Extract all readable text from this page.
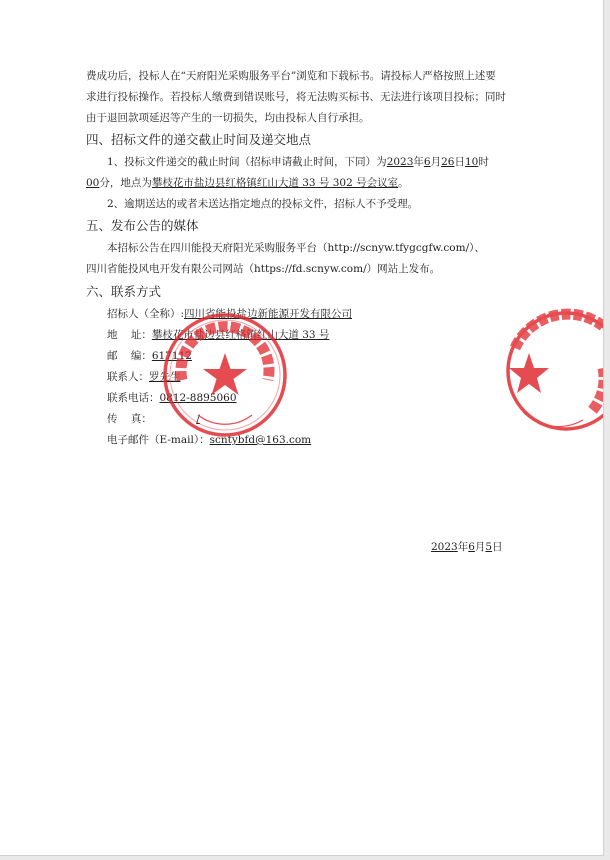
费成功后，投标人在“天府阳光采购服务平台”浏览和下载标书。请投标人严格按照上述要
求进行投标操作。若投标人缴费到错误账号，将无法购买标书、无法进行该项目投标；同时
由于退回款项延迟等产生的一切损失，均由投标人自行承担。
四、招标文件的递交截止时间及递交地点
1、投标文件递交的截止时间（招标申请截止时间，下同）为2023年6月26日10时
00分，地点为攀枝花市盐边县红格镇红山大道 33 号 302 号会议室。
2、逾期送达的或者未送达指定地点的投标文件，招标人不予受理。
五、发布公告的媒体
本招标公告在四川能投天府阳光采购服务平台（http://scnyw.tfygcgfw.com/）、
四川省能投风电开发有限公司网站（https://fd.scnyw.com/）网站上发布。
六、联系方式
招标人（全称）:四川省能投盐边新能源开发有限公司
地    址：攀枝花市盐边县红格镇红山大道 33 号
邮    编：617112
联系人：罗先生
联系电话：0812-8895060
传    真：	/
电子邮件（E-mail）：scntybfd@163.com
2023年6月5日
